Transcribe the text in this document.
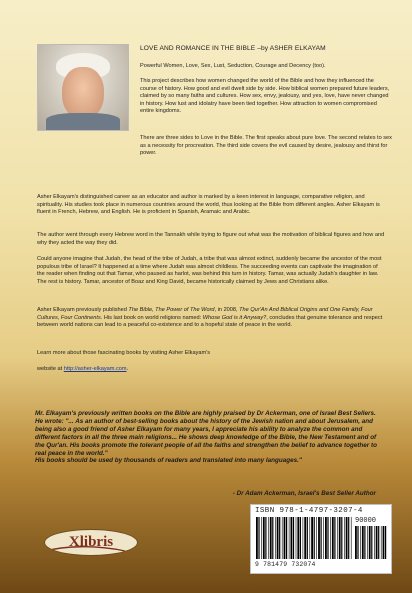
LOVE AND ROMANCE IN THE BIBLE –by ASHER ELKAYAM
Powerful Women, Love, Sex, Lust, Seduction, Courage and Decency (too).
This project describes how women changed the world of the Bible and how they influenced the course of history. How good and evil dwelt side by side. How biblical women prepared future leaders, claimed by so many faiths and cultures. How sex, envy, jealousy, and yes, love, have never changed in history. How lust and idolatry have been tied together. How attraction to women compromised entire kingdoms.
There are three sides to Love in the Bible. The first speaks about pure love. The second relates to sex as a necessity for procreation. The third side covers the evil caused by desire, jealousy and thirst for power.
Asher Elkayam's distinguished career as an educator and author is marked by a keen interest in language, comparative religion, and spirituality. His studies took place in numerous countries around the world, thus looking at the Bible from different angles. Asher Elkayam is fluent in French, Hebrew, and English. He is proficient in Spanish, Aramaic and Arabic.
The author went through every Hebrew word in the Tannakh while trying to figure out what was the motivation of biblical figures and how and why they acted the way they did.
Could anyone imagine that Judah, the head of the tribe of Judah, a tribe that was almost extinct, suddenly became the ancestor of the most populous tribe of Israel? It happened at a time where Judah was almost childless. The succeeding events can captivate the imagination of the reader when finding out that Tamar, who paused as harlot, was behind this turn in history. Tamar, was actually Judah's daughter in law. The rest is history. Tamar, ancestor of Boaz and King David, became historically claimed by Jews and Christians alike.
Asher Elkayam previously published The Bible, The Power of The Word, in 2008, The Qur'An And Biblical Origins and One Family, Four Cultures, Four Continents. His last book on world religions named: Whose God is it Anyway?, concludes that genuine tolerance and respect between world nations can lead to a peaceful co-existence and to a hopeful state of peace in the world.
Learn more about those fascinating books by visiting Asher Elkayam's
website at http://asher-elkayam.com.
Mr. Elkayam's previously written books on the Bible are highly praised by Dr Ackerman, one of Israel Best Sellers. He wrote: "... As an author of best-selling books about the history of the Jewish nation and about Jerusalem, and being also a good friend of Asher Elkayam for many years, I appreciate his ability to analyze the common and different factors in all the three main religions... He shows deep knowledge of the Bible, the New Testament and of the Qur'an. His books promote the tolerant people of all the faiths and strengthen the belief to advance together to real peace in the world."
His books should be used by thousands of readers and translated into many languages."
- Dr Adam Ackerman, Israel's Best Seller Author
Xlibris
ISBN 978-1-4797-3207-4
90000
9 781479 732074
